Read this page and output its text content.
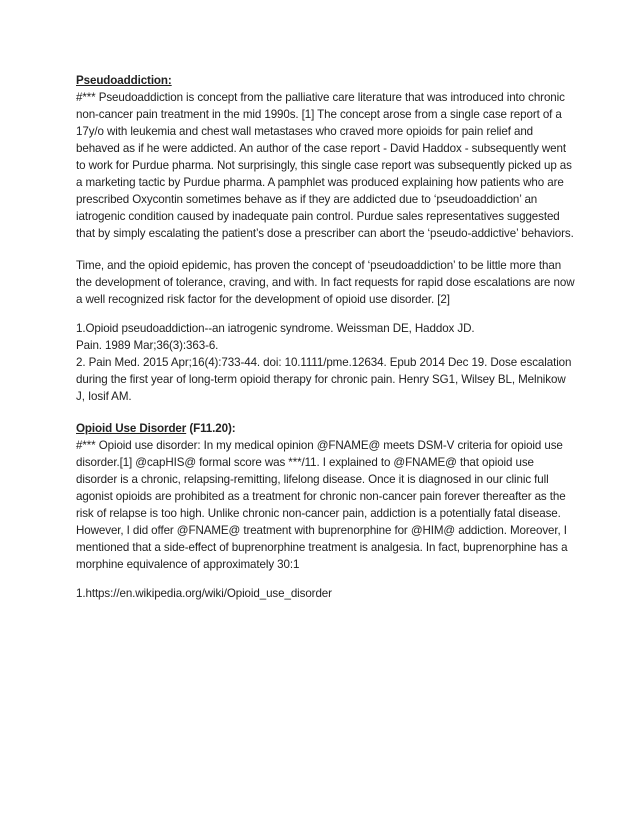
Pseudoaddiction:

#*** Pseudoaddiction is concept from the palliative care literature that was introduced into chronic non-cancer pain treatment in the mid 1990s. [1] The concept arose from a single case report of a 17y/o with leukemia and chest wall metastases who craved more opioids for pain relief and behaved as if he were addicted. An author of the case report - David Haddox - subsequently went to work for Purdue pharma. Not surprisingly, this single case report was subsequently picked up as a marketing tactic by Purdue pharma. A pamphlet was produced explaining how patients who are prescribed Oxycontin sometimes behave as if they are addicted due to ‘pseudoaddiction’ an iatrogenic condition caused by inadequate pain control. Purdue sales representatives suggested that by simply escalating the patient’s dose a prescriber can abort the ‘pseudo-addictive’ behaviors.

Time, and the opioid epidemic, has proven the concept of ‘pseudoaddiction’ to be little more than the development of tolerance, craving, and with. In fact requests for rapid dose escalations are now a well recognized risk factor for the development of opioid use disorder. [2]

1.Opioid pseudoaddiction--an iatrogenic syndrome. Weissman DE, Haddox JD.

Pain. 1989 Mar;36(3):363-6.

2. Pain Med. 2015 Apr;16(4):733-44. doi: 10.1111/pme.12634. Epub 2014 Dec 19. Dose escalation during the first year of long-term opioid therapy for chronic pain. Henry SG1, Wilsey BL, Melnikow J, Iosif AM.

Opioid Use Disorder (F11.20):

#*** Opioid use disorder: In my medical opinion @FNAME@ meets DSM-V criteria for opioid use disorder.[1] @capHIS@ formal score was ***/11. I explained to @FNAME@ that opioid use disorder is a chronic, relapsing-remitting, lifelong disease. Once it is diagnosed in our clinic full agonist opioids are prohibited as a treatment for chronic non-cancer pain forever thereafter as the risk of relapse is too high. Unlike chronic non-cancer pain, addiction is a potentially fatal disease. However, I did offer @FNAME@ treatment with buprenorphine for @HIM@ addiction. Moreover, I mentioned that a side-effect of buprenorphine treatment is analgesia. In fact, buprenorphine has a morphine equivalence of approximately 30:1

1.https://en.wikipedia.org/wiki/Opioid_use_disorder
